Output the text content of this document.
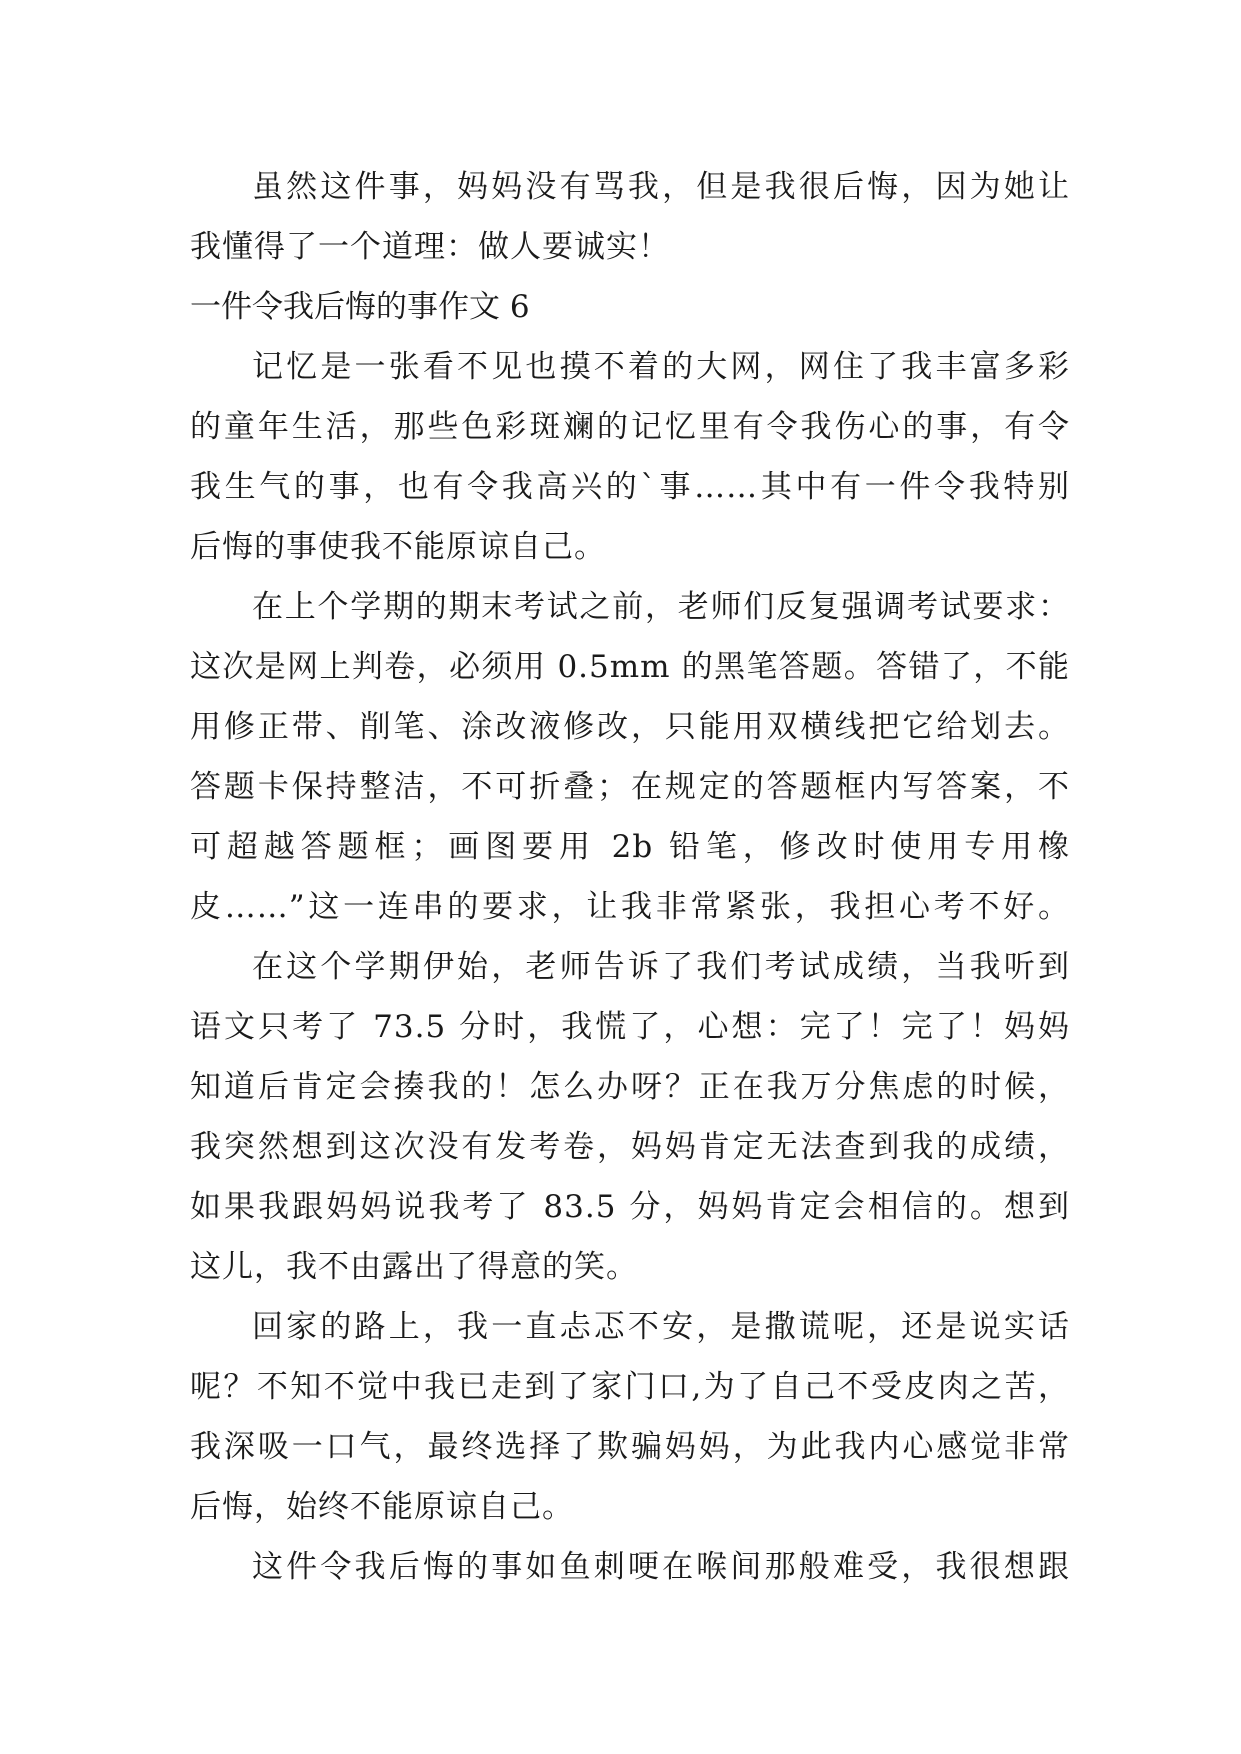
虽然这件事，妈妈没有骂我，但是我很后悔，因为她让
我懂得了一个道理：做人要诚实！
一件令我后悔的事作文 6
记忆是一张看不见也摸不着的大网，网住了我丰富多彩
的童年生活，那些色彩斑斓的记忆里有令我伤心的事，有令
我生气的事，也有令我高兴的`事……其中有一件令我特别
后悔的事使我不能原谅自己。
在上个学期的期末考试之前，老师们反复强调考试要求：
这次是网上判卷，必须用 0.5mm 的黑笔答题。答错了，不能
用修正带、削笔、涂改液修改，只能用双横线把它给划去。
答题卡保持整洁，不可折叠；在规定的答题框内写答案，不
可超越答题框；画图要用 2b 铅笔，修改时使用专用橡
皮……”这一连串的要求，让我非常紧张，我担心考不好。
在这个学期伊始，老师告诉了我们考试成绩，当我听到
语文只考了 73.5 分时，我慌了，心想：完了！完了！妈妈
知道后肯定会揍我的！怎么办呀？正在我万分焦虑的时候，
我突然想到这次没有发考卷，妈妈肯定无法查到我的成绩，
如果我跟妈妈说我考了 83.5 分，妈妈肯定会相信的。想到
这儿，我不由露出了得意的笑。
回家的路上，我一直忐忑不安，是撒谎呢，还是说实话
呢？不知不觉中我已走到了家门口,为了自己不受皮肉之苦，
我深吸一口气，最终选择了欺骗妈妈，为此我内心感觉非常
后悔，始终不能原谅自己。
这件令我后悔的事如鱼刺哽在喉间那般难受，我很想跟
